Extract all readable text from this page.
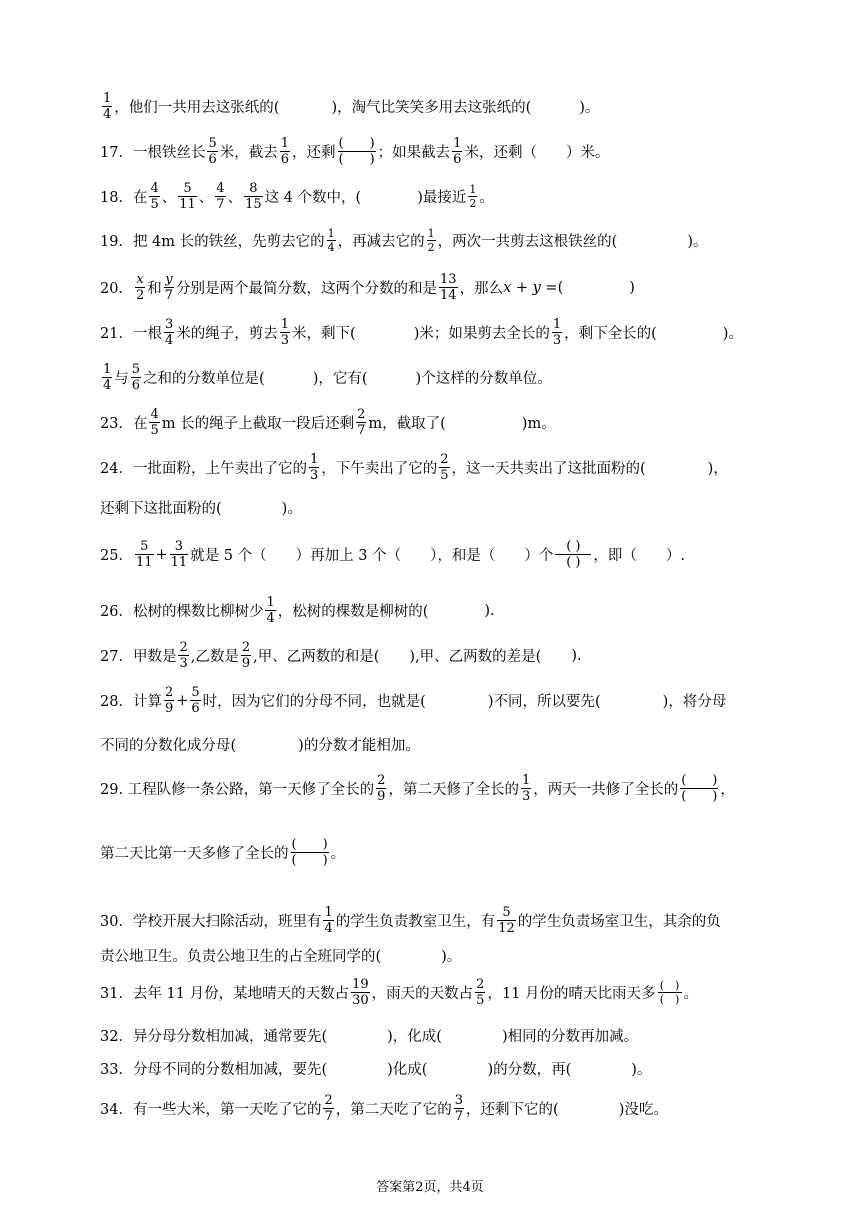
$\frac{1}{4}$ ，他们一共用去这张纸的(	)，淘气比笑笑多用去这张纸的(	)。
17．一根铁丝长 $\frac{5}{6}$ 米，截去 $\frac{1}{6}$ ，还剩 $\frac{( )}{( )}$ ；如果截去 $\frac{1}{6}$ 米，还剩（　　）米。
18．在 $\frac{4}{5}$ 、 $\frac{5}{11}$ 、 $\frac{4}{7}$ 、 $\frac{8}{15}$ 这 4 个数中，(	)最接近 $\frac{1}{2}$ 。
19．把 4m 长的铁丝，先剪去它的 $\frac{1}{4}$ ，再减去它的 $\frac{1}{2}$ ，两次一共剪去这根铁丝的(	)。
20． $\frac{x}{2}$ 和 $\frac{y}{7}$ 分别是两个最简分数，这两个分数的和是 $\frac{13}{14}$ ，那么 x + y = (	)
21．一根 $\frac{3}{4}$ 米的绳子，剪去 $\frac{1}{3}$ 米，剩下(	)米；如果剪去全长的 $\frac{1}{3}$ ，剩下全长的(	)。
$\frac{1}{4}$ 与 $\frac{5}{6}$ 之和的分数单位是(	)，它有(	)个这样的分数单位。
23．在 $\frac{4}{5}$ m 长的绳子上截取一段后还剩 $\frac{2}{7}$ m，截取了(	)m。
24．一批面粉，上午卖出了它的 $\frac{1}{3}$ ，下午卖出了它的 $\frac{2}{5}$ ，这一天共卖出了这批面粉的(	)，
还剩下这批面粉的(	)。
25． $\frac{5}{11} + \frac{3}{11}$ 就是 5 个（　　）再加上 3 个（　　），和是（　　）个 $\frac{( )}{( )}$ ，即（　　）.
26．松树的棵数比柳树少 $\frac{1}{4}$ ，松树的棵数是柳树的(	).
27．甲数是 $\frac{2}{3}$ ,乙数是 $\frac{2}{9}$ ,甲、乙两数的和是( ),甲、乙两数的差是( ).
28．计算 $\frac{2}{9} + \frac{5}{6}$ 时，因为它们的分母不同，也就是(	)不同，所以要先(	)，将分母
不同的分数化成分母(	)的分数才能相加。
29. 工程队修一条公路，第一天修了全长的 $\frac{2}{9}$ ，第二天修了全长的 $\frac{1}{3}$ ，两天一共修了全长的 $\frac{( )}{( )}$ ，
第二天比第一天多修了全长的 $\frac{( )}{( )}$ 。
30．学校开展大扫除活动，班里有 $\frac{1}{4}$ 的学生负责教室卫生，有 $\frac{5}{12}$ 的学生负责场室卫生，其余的负
责公地卫生。负责公地卫生的占全班同学的(	)。
31．去年 11 月份，某地晴天的天数占 $\frac{19}{30}$ ，雨天的天数占 $\frac{2}{5}$ ，11 月份的晴天比雨天多 $\frac{( )}{( )}$ 。
32．异分母分数相加减，通常要先(	)，化成(	)相同的分数再加减。
33．分母不同的分数相加减，要先(	)化成(	)的分数，再(	)。
34．有一些大米，第一天吃了它的 $\frac{2}{7}$ ，第二天吃了它的 $\frac{3}{7}$ ，还剩下它的(	)没吃。
答案第2页，共4页
